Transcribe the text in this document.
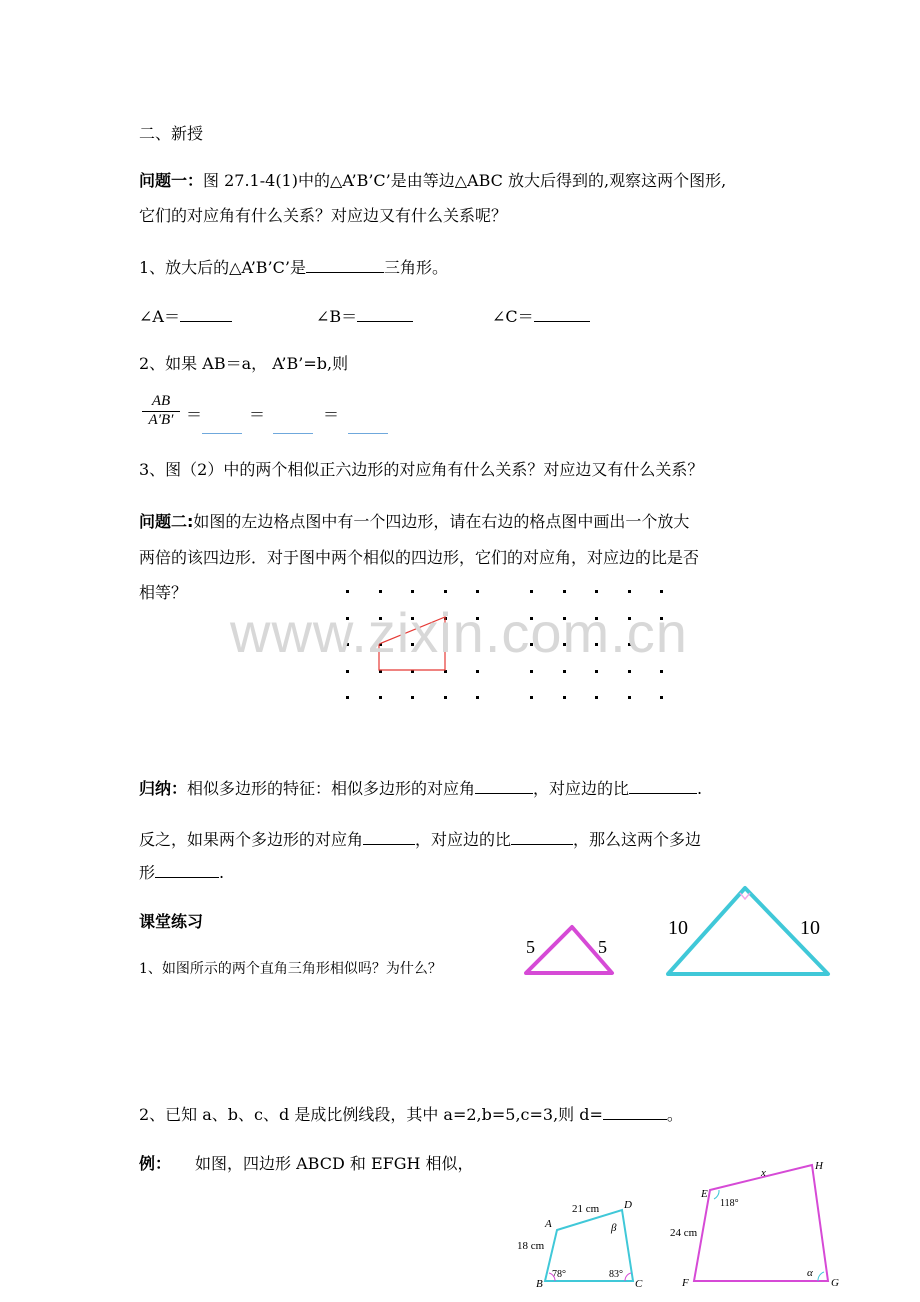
二、新授
问题一：图 27.1-4(1)中的△A’B’C’是由等边△ABC 放大后得到的,观察这两个图形,
它们的对应角有什么关系？对应边又有什么关系呢？
1、放大后的△A’B’C’是	三角形。
∠A＝	∠B＝	∠C＝
2、如果 AB＝a， A’B’=b,则
$\frac{AB}{A'B'}$ ＝	＝	＝
3、图（2）中的两个相似正六边形的对应角有什么关系？对应边又有什么关系？
问题二:如图的左边格点图中有一个四边形，请在右边的格点图中画出一个放大
两倍的该四边形．对于图中两个相似的四边形，它们的对应角，对应边的比是否
相等？
www.zixin.com.cn
归纳：相似多边形的特征：相似多边形的对应角	，对应边的比	.
反之，如果两个多边形的对应角	，对应边的比	，那么这两个多边
形	.
课堂练习
1、如图所示的两个直角三角形相似吗？为什么？
5	5
10	10
2、已知 a、b、c、d 是成比例线段，其中 a=2,b=5,c=3,则 d=	。
例： 如图，四边形 ABCD 和 EFGH 相似，
A
B	C
D
21 cm
18 cm
78°	83°
β
E
F	G
H
x
24 cm
118°
α
